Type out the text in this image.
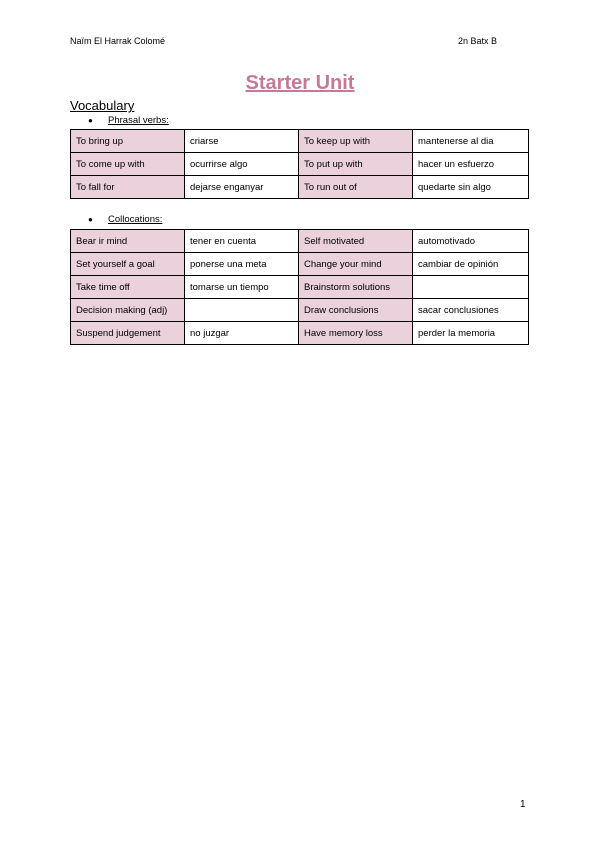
Naïm El Harrak Colomé	2n Batx B
Starter Unit
Vocabulary
●	Phrasal verbs:
To bring up	criarse	To keep up with	mantenerse al dia
To come up with	ocurrirse algo	To put up with	hacer un esfuerzo
To fall for	dejarse enganyar	To run out of	quedarte sin algo
●	Collocations:
Bear ir mind	tener en cuenta	Self motivated	automotivado
Set yourself a goal	ponerse una meta	Change your mind	cambiar de opinión
Take time off	tomarse un tiempo	Brainstorm solutions	
Decision making (adj)		Draw conclusions	sacar conclusiones
Suspend judgement	no juzgar	Have memory loss	perder la memoria
1
